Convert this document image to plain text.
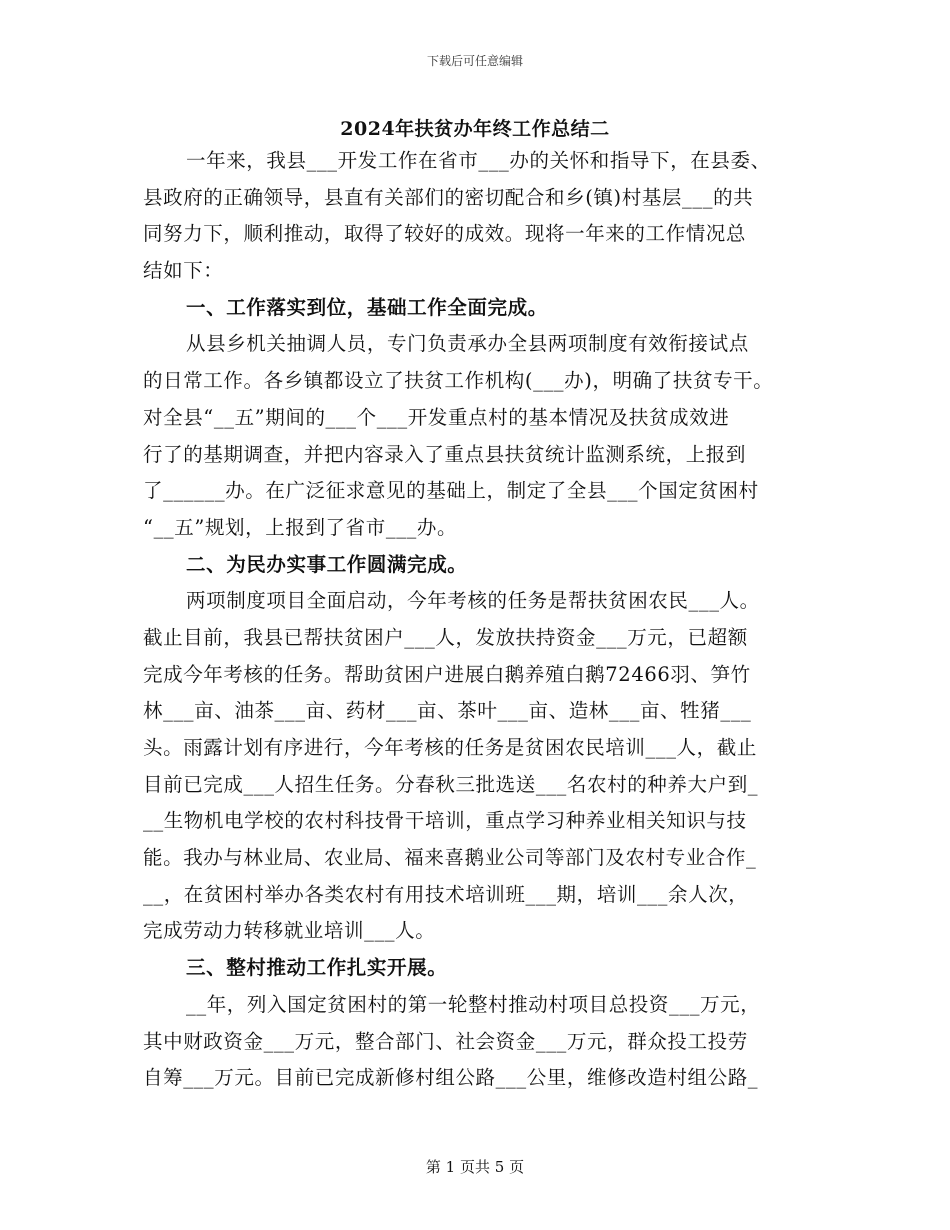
下载后可任意编辑
2024年扶贫办年终工作总结二
一年来，我县___开发工作在省市___办的关怀和指导下，在县委、
县政府的正确领导，县直有关部们的密切配合和乡(镇)村基层___的共
同努力下，顺利推动，取得了较好的成效。现将一年来的工作情况总
结如下：
一、工作落实到位，基础工作全面完成。
从县乡机关抽调人员，专门负责承办全县两项制度有效衔接试点
的日常工作。各乡镇都设立了扶贫工作机构(___办)，明确了扶贫专干。
对全县“__五”期间的___个___开发重点村的基本情况及扶贫成效进
行了的基期调查，并把内容录入了重点县扶贫统计监测系统，上报到
了______办。在广泛征求意见的基础上，制定了全县___个国定贫困村
“__五”规划，上报到了省市___办。
二、为民办实事工作圆满完成。
两项制度项目全面启动，今年考核的任务是帮扶贫困农民___人。
截止目前，我县已帮扶贫困户___人，发放扶持资金___万元，已超额
完成今年考核的任务。帮助贫困户进展白鹅养殖白鹅72466羽、笋竹
林___亩、油茶___亩、药材___亩、茶叶___亩、造林___亩、牲猪___
头。雨露计划有序进行，今年考核的任务是贫困农民培训___人，截止
目前已完成___人招生任务。分春秋三批选送___名农村的种养大户到_
__生物机电学校的农村科技骨干培训，重点学习种养业相关知识与技
能。我办与林业局、农业局、福来喜鹅业公司等部门及农村专业合作_
__，在贫困村举办各类农村有用技术培训班___期，培训___余人次，
完成劳动力转移就业培训___人。
三、整村推动工作扎实开展。
__年，列入国定贫困村的第一轮整村推动村项目总投资___万元，
其中财政资金___万元，整合部门、社会资金___万元，群众投工投劳
自筹___万元。目前已完成新修村组公路___公里，维修改造村组公路_
第 1 页共 5 页
